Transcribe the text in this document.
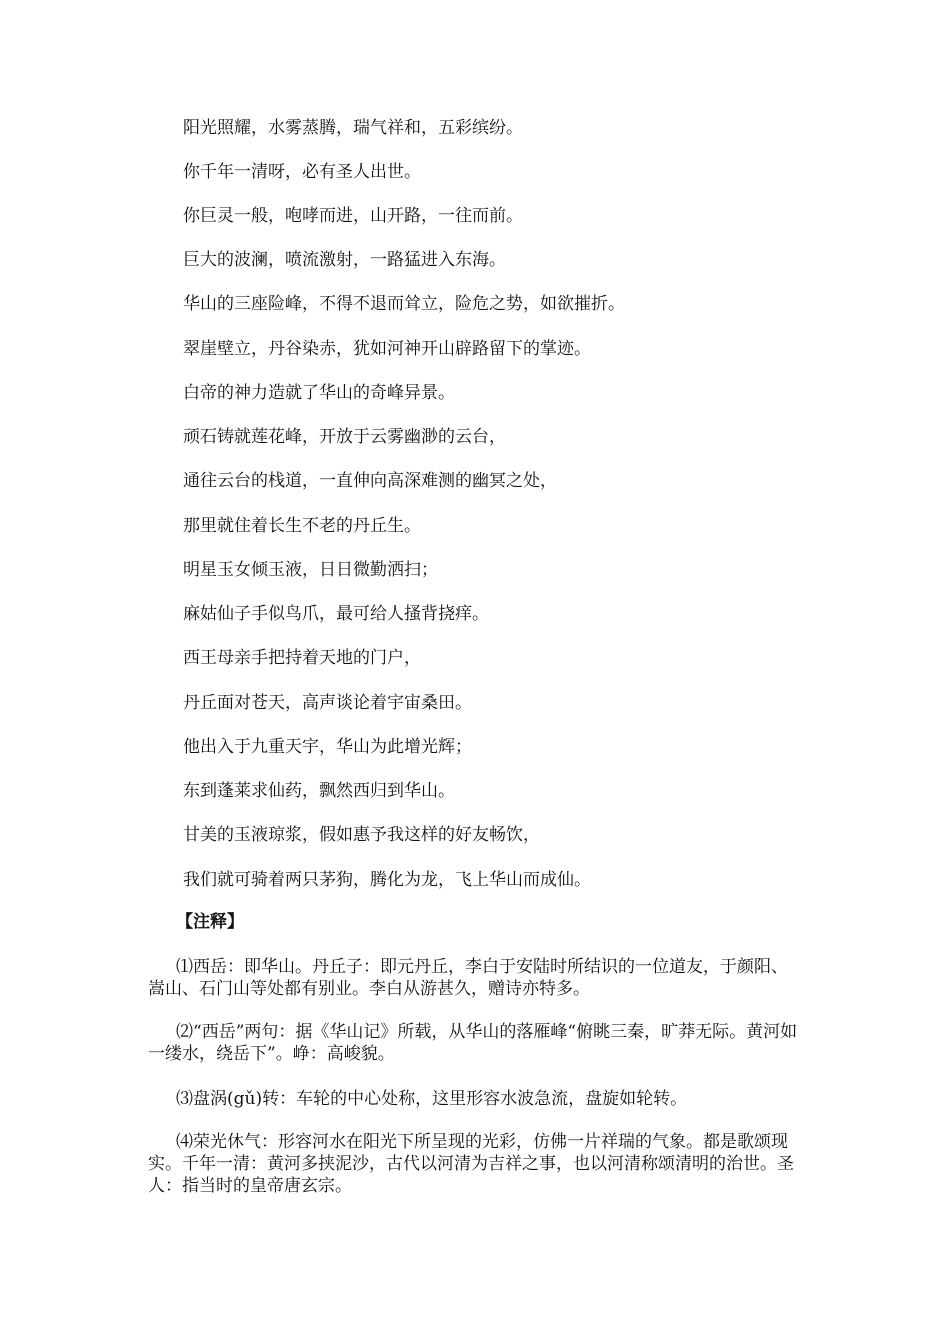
阳光照耀，水雾蒸腾，瑞气祥和，五彩缤纷。
你千年一清呀，必有圣人出世。
你巨灵一般，咆哮而进，山开路，一往而前。
巨大的波澜，喷流激射，一路猛进入东海。
华山的三座险峰，不得不退而耸立，险危之势，如欲摧折。
翠崖壁立，丹谷染赤，犹如河神开山辟路留下的掌迹。
白帝的神力造就了华山的奇峰异景。
顽石铸就莲花峰，开放于云雾幽渺的云台，
通往云台的栈道，一直伸向高深难测的幽冥之处，
那里就住着长生不老的丹丘生。
明星玉女倾玉液，日日微勤洒扫；
麻姑仙子手似鸟爪，最可给人搔背挠痒。
西王母亲手把持着天地的门户，
丹丘面对苍天，高声谈论着宇宙桑田。
他出入于九重天宇，华山为此增光辉；
东到蓬莱求仙药，飘然西归到华山。
甘美的玉液琼浆，假如惠予我这样的好友畅饮，
我们就可骑着两只茅狗，腾化为龙，飞上华山而成仙。
【注释】
⑴西岳：即华山。丹丘子：即元丹丘，李白于安陆时所结识的一位道友，于颜阳、嵩山、石门山等处都有别业。李白从游甚久，赠诗亦特多。
⑵“西岳”两句：据《华山记》所载，从华山的落雁峰“俯眺三秦，旷莽无际。黄河如一缕水，绕岳下”。峥：高峻貌。
⑶盘涡(gǔ)转：车轮的中心处称，这里形容水波急流，盘旋如轮转。
⑷荣光休气：形容河水在阳光下所呈现的光彩，仿佛一片祥瑞的气象。都是歌颂现实。千年一清：黄河多挟泥沙，古代以河清为吉祥之事，也以河清称颂清明的治世。圣人：指当时的皇帝唐玄宗。
